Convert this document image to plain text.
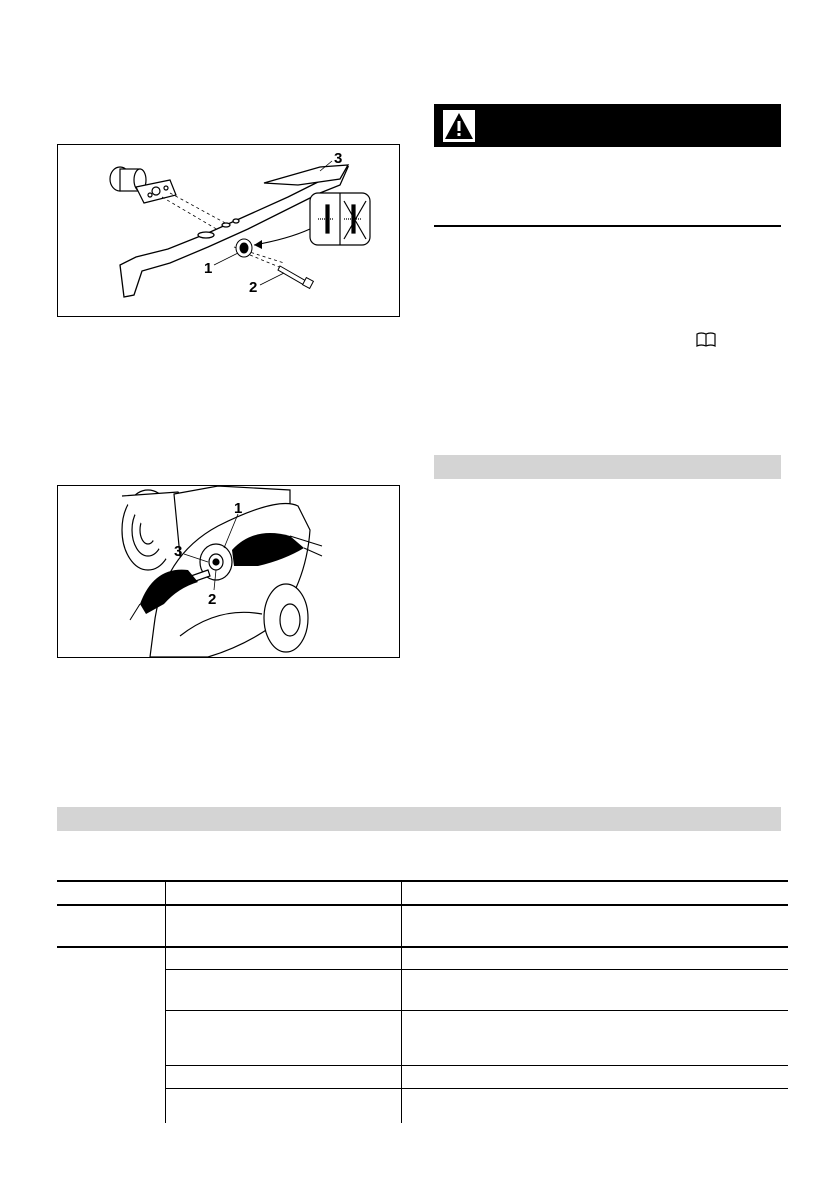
1
2
3
1
3
2
